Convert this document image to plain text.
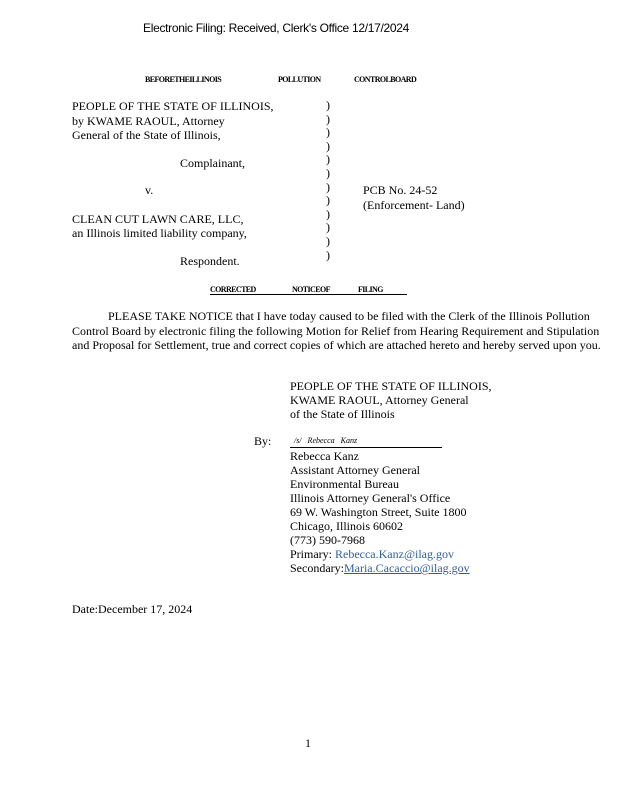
Electronic Filing: Received, Clerk's Office 12/17/2024
BEFORETHEILLINOIS	POLLUTION	CONTROLBOARD
PEOPLE OF THE STATE OF ILLINOIS,
by KWAME RAOUL, Attorney
General of the State of Illinois,
Complainant,
v.
CLEAN CUT LAWN CARE, LLC,
an Illinois limited liability company,
Respondent.
)
)
)
)
)
)
)
)
)
)
)
)
PCB No. 24-52
(Enforcement- Land)
CORRECTED	NOTICEOF	FILING
PLEASE TAKE NOTICE that I have today caused to be filed with the Clerk of the Illinois Pollution Control Board by electronic filing the following Motion for Relief from Hearing Requirement and Stipulation and Proposal for Settlement, true and correct copies of which are attached hereto and hereby served upon you.
PEOPLE OF THE STATE OF ILLINOIS,
KWAME RAOUL, Attorney General
of the State of Illinois
By:	/s/   Rebecca   Kanz
Rebecca Kanz
Assistant Attorney General
Environmental Bureau
Illinois Attorney General's Office
69 W. Washington Street, Suite 1800
Chicago, Illinois 60602
(773) 590-7968
Primary: Rebecca.Kanz@ilag.gov
Secondary:Maria.Cacaccio@ilag.gov
Date:December 17, 2024
1
